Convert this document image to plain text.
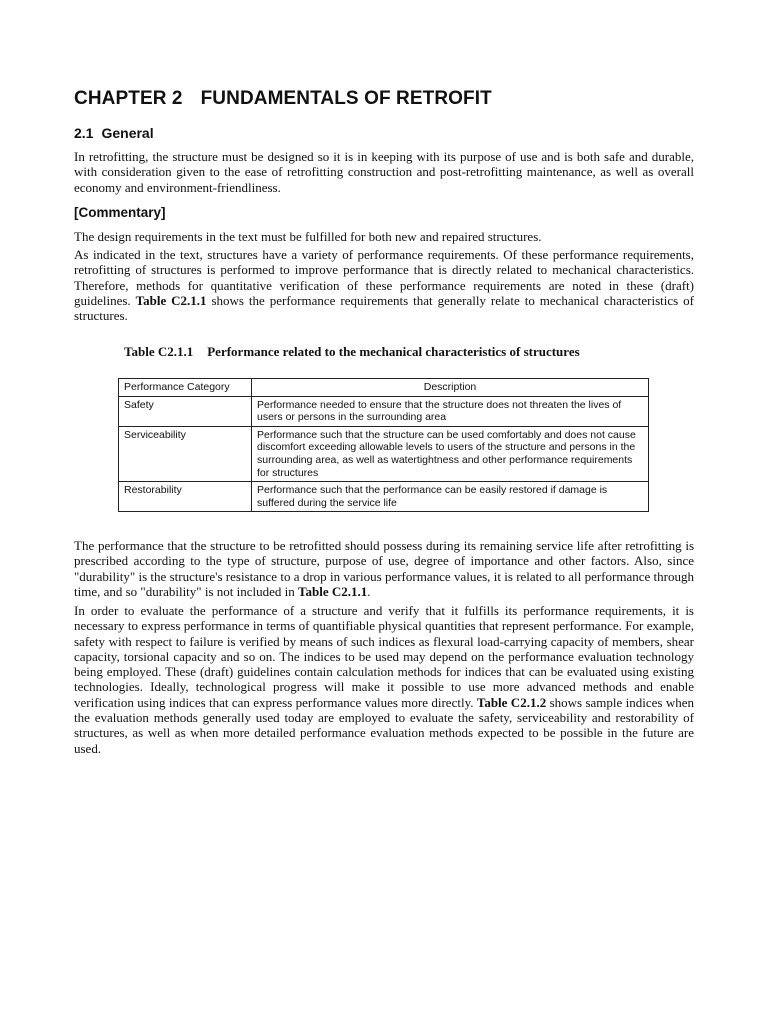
CHAPTER 2 FUNDAMENTALS OF RETROFIT
2.1 General

In retrofitting, the structure must be designed so it is in keeping with its purpose of use and is both safe and durable, with consideration given to the ease of retrofitting construction and post-retrofitting maintenance, as well as overall economy and environment-friendliness.

[Commentary]

The design requirements in the text must be fulfilled for both new and repaired structures.

As indicated in the text, structures have a variety of performance requirements. Of these performance requirements, retrofitting of structures is performed to improve performance that is directly related to mechanical characteristics. Therefore, methods for quantitative verification of these performance requirements are noted in these (draft) guidelines. Table C2.1.1 shows the performance requirements that generally relate to mechanical characteristics of structures.

Table C2.1.1 Performance related to the mechanical characteristics of structures

Performance Category	Description
Safety	Performance needed to ensure that the structure does not threaten the lives of users or persons in the surrounding area
Serviceability	Performance such that the structure can be used comfortably and does not cause discomfort exceeding allowable levels to users of the structure and persons in the surrounding area, as well as watertightness and other performance requirements for structures
Restorability	Performance such that the performance can be easily restored if damage is suffered during the service life

The performance that the structure to be retrofitted should possess during its remaining service life after retrofitting is prescribed according to the type of structure, purpose of use, degree of importance and other factors. Also, since "durability" is the structure's resistance to a drop in various performance values, it is related to all performance through time, and so "durability" is not included in Table C2.1.1.

In order to evaluate the performance of a structure and verify that it fulfills its performance requirements, it is necessary to express performance in terms of quantifiable physical quantities that represent performance. For example, safety with respect to failure is verified by means of such indices as flexural load-carrying capacity of members, shear capacity, torsional capacity and so on. The indices to be used may depend on the performance evaluation technology being employed. These (draft) guidelines contain calculation methods for indices that can be evaluated using existing technologies. Ideally, technological progress will make it possible to use more advanced methods and enable verification using indices that can express performance values more directly. Table C2.1.2 shows sample indices when the evaluation methods generally used today are employed to evaluate the safety, serviceability and restorability of structures, as well as when more detailed performance evaluation methods expected to be possible in the future are used.
